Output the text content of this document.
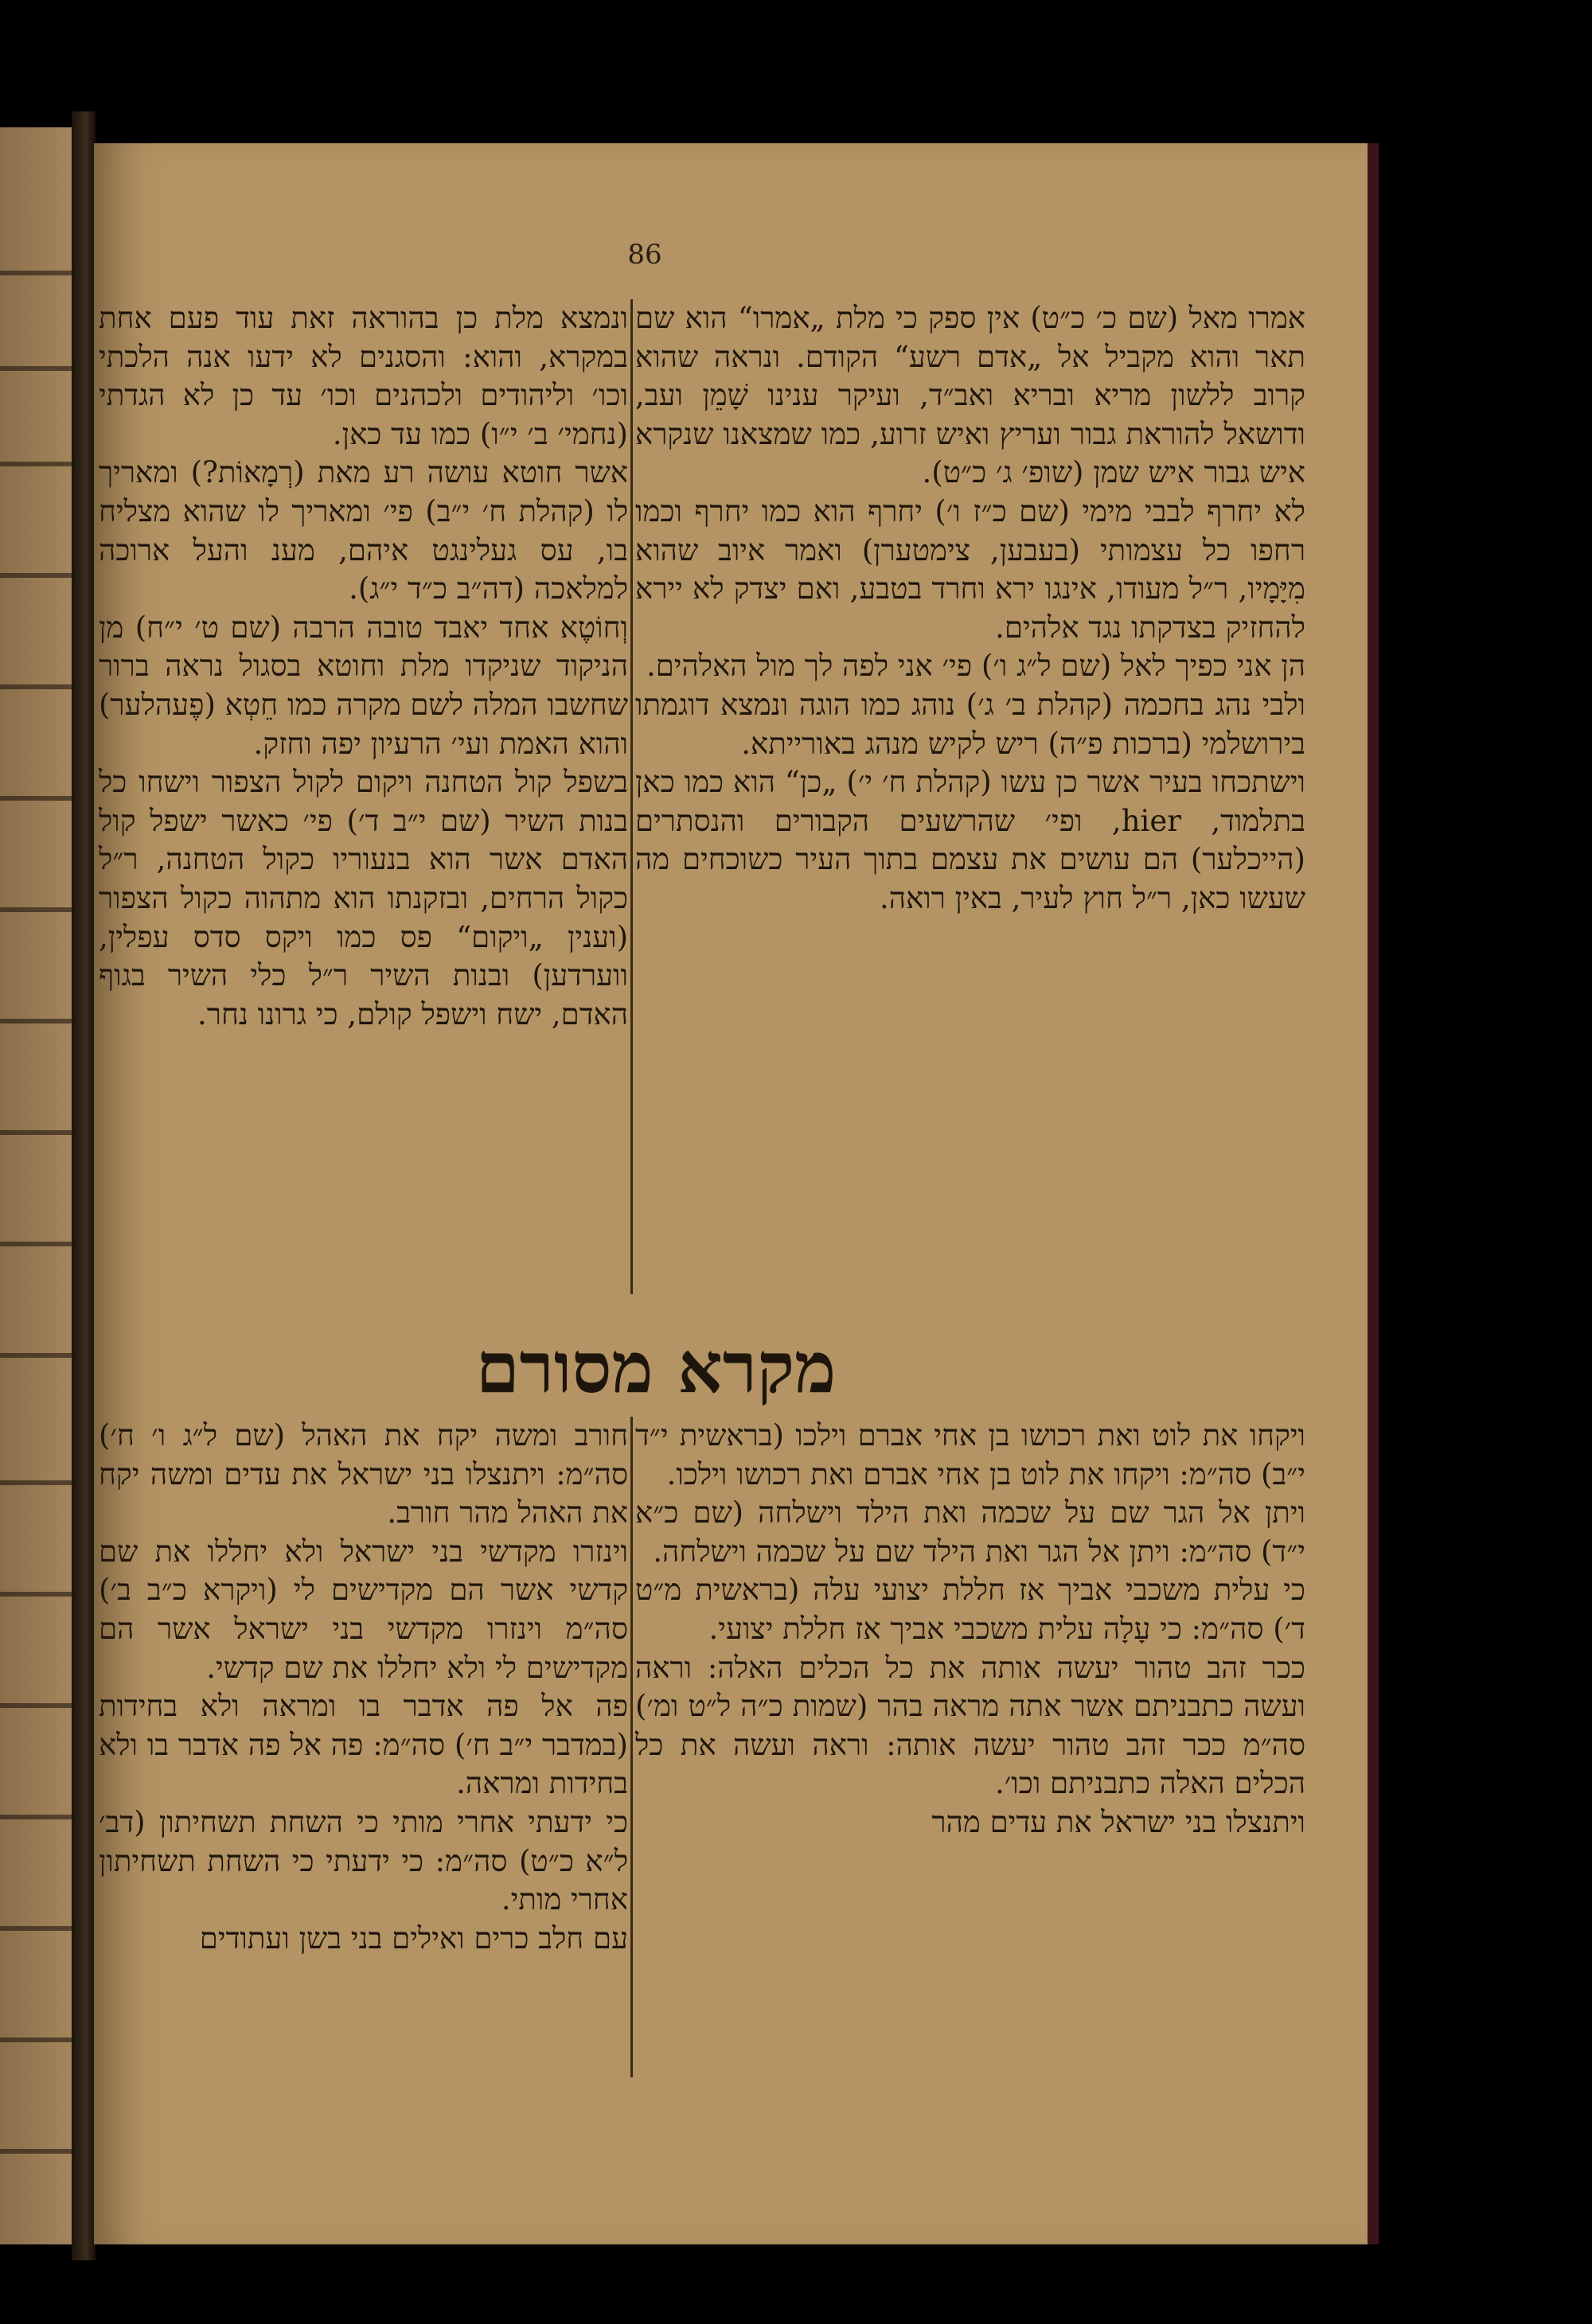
86

אמרו מאל (שם כ׳ כ״ט) אין ספק כי מלת „אמרו“ הוא שם תאר והוא מקביל אל „אדם רשע“ הקודם. ונראה שהוא קרוב ללשון מריא ובריא ואב״ד, ועיקר ענינו שָׁמֵן ועב, ודושאל להוראת גבור ועריץ ואיש זרוע, כמו שמצאנו שנקרא איש גבור איש שמן (שופ׳ ג׳ כ״ט).

לא יחרף לבבי מימי (שם כ״ז ו׳) יחרף הוא כמו יחרף וכמו רחפו כל עצמותי (בעבען, צימטערן) ואמר איוב שהוא מִיָּמָיו, ר״ל מעודו, אינגו ירא וחרד בטבע, ואם יצדק לא יירא להחזיק בצדקתו נגד אלהים.

הן אני כפיך לאל (שם ל״ג ו׳) פי׳ אני לפה לך מול האלהים.

ולבי נהג בחכמה (קהלת ב׳ ג׳) נוהג כמו הוגה ונמצא דוגמתו בירושלמי (ברכות פ״ה) ריש לקיש מנהג באורייתא.

וישתכחו בעיר אשר כן עשו (קהלת ח׳ י׳) „כן“ הוא כמו כאן בתלמוד, hier, ופי׳ שהרשעים הקבורים והנסתרים (הייכלער) הם עושים את עצמם בתוך העיר כשוכחים מה שעשו כאן, ר״ל חוץ לעיר, באין רואה.

ונמצא מלת כן בהוראה זאת עוד פעם אחת במקרא, והוא: והסגנים לא ידעו אנה הלכתי וכו׳ וליהודים ולכהנים וכו׳ עד כן לא הגדתי (נחמי׳ ב׳ י״ו) כמו עד כאן.

אשר חוטא עושה רע מאת (רְמָאוֹת?) ומאריך לו (קהלת ח׳ י״ב) פי׳ ומאריך לו שהוא מצליח בו, עס געלינגט איהם, מענ והעל ארוכה למלאכה (דה״ב כ״ד י״ג).

וְחוֹטֶא אחד יאבד טובה הרבה (שם ט׳ י״ח) מן הניקוד שניקדו מלת וחוטא בסגול נראה ברור שחשבו המלה לשם מקרה כמו חֵטְא (פֶעהלער) והוא האמת ועי׳ הרעיון יפה וחזק.

בשפל קול הטחנה ויקום לקול הצפור וישחו כל בנות השיר (שם י״ב ד׳) פי׳ כאשר ישפל קול האדם אשר הוא בנעוריו כקול הטחנה, ר״ל כקול הרחים, ובזקנתו הוא מתהוה כקול הצפור (וענין „ויקום“ פס כמו ויקס סדס עפלין, ווערדען) ובנות השיר ר״ל כלי השיר בגוף האדם, ישח וישפל קולם, כי גרונו נחר.

מקרא מסורם

ויקחו את לוט ואת רכושו בן אחי אברם וילכו (בראשית י״ד י״ב) סה״מ: ויקחו את לוט בן אחי אברם ואת רכושו וילכו.

ויתן אל הגר שם על שכמה ואת הילד וישלחה (שם כ״א י״ד) סה״מ: ויתן אל הגר ואת הילד שם על שכמה וישלחה.

כי עלית משכבי אביך אז חללת יצועי עלה (בראשית מ״ט ד׳) סה״מ: כי עָלָה עלית משכבי אביך אז חללת יצועי.

ככר זהב טהור יעשה אותה את כל הכלים האלה: וראה ועשה כתבניתם אשר אתה מראה בהר (שמות כ״ה ל״ט ומ׳) סה״מ ככר זהב טהור יעשה אותה: וראה ועשה את כל הכלים האלה כתבניתם וכו׳.

ויתנצלו בני ישראל את עדים מהר

חורב ומשה יקח את האהל (שם ל״ג ו׳ ח׳) סה״מ: ויתנצלו בני ישראל את עדים ומשה יקח את האהל מהר חורב.

וינזרו מקדשי בני ישראל ולא יחללו את שם קדשי אשר הם מקדישים לי (ויקרא כ״ב ב׳) סה״מ וינזרו מקדשי בני ישראל אשר הם מקדישים לי ולא יחללו את שם קדשי.

פה אל פה אדבר בו ומראה ולא בחידות (במדבר י״ב ח׳) סה״מ: פה אל פה אדבר בו ולא בחידות ומראה.

כי ידעתי אחרי מותי כי השחת תשחיתון (דב׳ ל״א כ״ט) סה״מ: כי ידעתי כי השחת תשחיתון אחרי מותי.

עם חלב כרים ואילים בני בשן ועתודים
